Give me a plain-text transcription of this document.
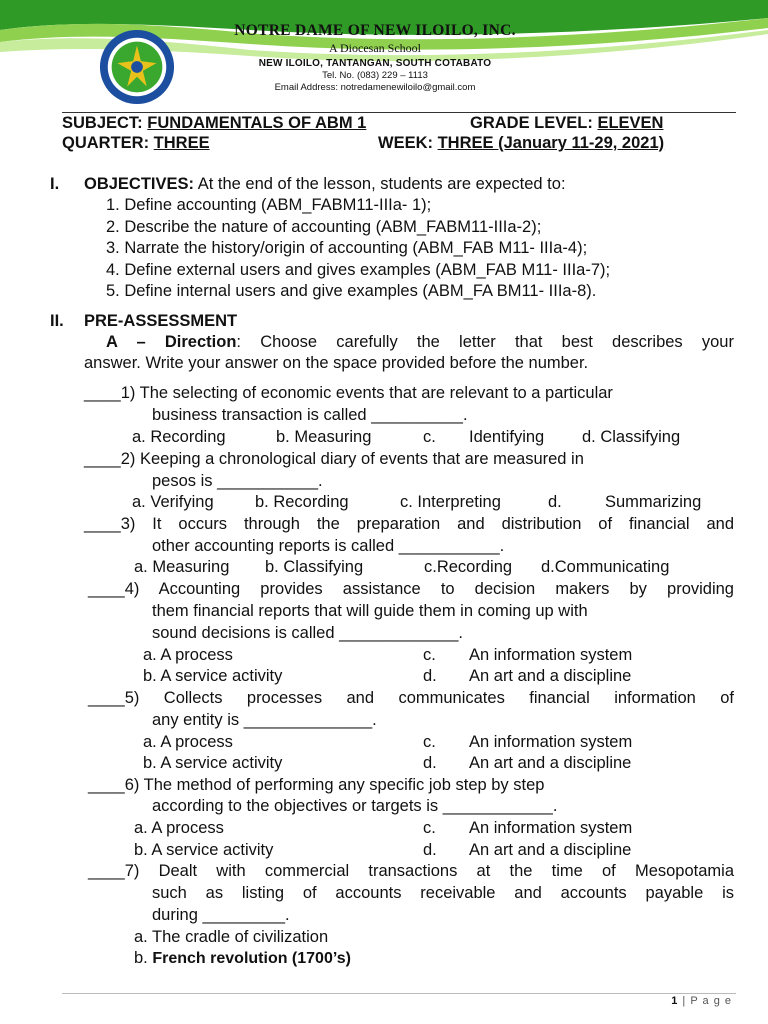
NOTRE DAME OF NEW ILOILO, INC.
A Diocesan School
NEW ILOILO, TANTANGAN, SOUTH COTABATO
Tel. No. (083) 229 – 1113
Email Address: notredamenewiloilo@gmail.com
SUBJECT: FUNDAMENTALS OF ABM 1	GRADE LEVEL: ELEVEN
QUARTER: THREE	WEEK: THREE (January 11-29, 2021)
I. OBJECTIVES: At the end of the lesson, students are expected to:
1. Define accounting (ABM_FABM11-IIIa- 1);
2. Describe the nature of accounting (ABM_FABM11-IIIa-2);
3. Narrate the history/origin of accounting (ABM_FAB M11- IIIa-4);
4. Define external users and gives examples (ABM_FAB M11- IIIa-7);
5. Define internal users and give examples (ABM_FA BM11- IIIa-8).
II. PRE-ASSESSMENT
A – Direction: Choose carefully the letter that best describes your
answer. Write your answer on the space provided before the number.
____1) The selecting of economic events that are relevant to a particular
business transaction is called __________.
a. Recording	b. Measuring	c. Identifying d. Classifying
____2) Keeping a chronological diary of events that are measured in
pesos is ___________.
a. Verifying	b. Recording	c. Interpreting	d.	Summarizing
____3) It occurs through the preparation and distribution of financial and
other accounting reports is called ___________.
a. Measuring b. Classifying	c.Recording d.Communicating
____4) Accounting provides assistance to decision makers by providing
them financial reports that will guide them in coming up with
sound decisions is called _____________.
a. A process	c. An information system
b. A service activity	d. An art and a discipline
____5) Collects processes and communicates financial information of
any entity is ______________.
a. A process	c. An information system
b. A service activity	d. An art and a discipline
____6) The method of performing any specific job step by step
according to the objectives or targets is ____________.
a. A process	c. An information system
b. A service activity	d. An art and a discipline
____7) Dealt with commercial transactions at the time of Mesopotamia
such as listing of accounts receivable and accounts payable is
during _________.
a. The cradle of civilization
b. French revolution (1700’s)
1 | P a g e
